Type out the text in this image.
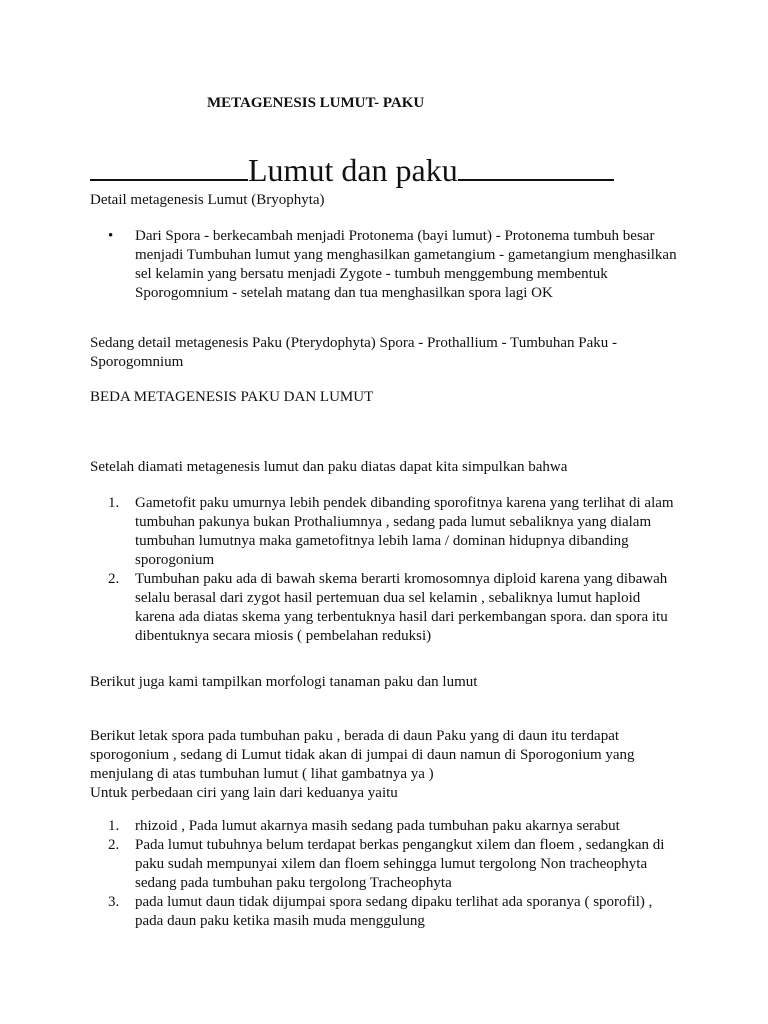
METAGENESIS LUMUT- PAKU

Lumut dan paku

Detail metagenesis Lumut (Bryophyta)

• Dari Spora - berkecambah menjadi Protonema (bayi lumut) - Protonema tumbuh besar menjadi Tumbuhan lumut yang menghasilkan gametangium - gametangium menghasilkan sel kelamin yang bersatu menjadi Zygote - tumbuh menggembung membentuk Sporogomnium - setelah matang dan tua menghasilkan spora lagi OK

Sedang detail metagenesis Paku (Pterydophyta) Spora - Prothallium - Tumbuhan Paku - Sporogomnium

BEDA METAGENESIS PAKU DAN LUMUT

Setelah diamati metagenesis lumut dan paku diatas dapat kita simpulkan bahwa

1. Gametofit paku umurnya lebih pendek dibanding sporofitnya karena yang terlihat di alam tumbuhan pakunya bukan Prothaliumnya , sedang pada lumut sebaliknya yang dialam tumbuhan lumutnya maka gametofitnya lebih lama / dominan hidupnya dibanding sporogonium
2. Tumbuhan paku ada di bawah skema berarti kromosomnya diploid karena yang dibawah selalu berasal dari zygot hasil pertemuan dua sel kelamin , sebaliknya lumut haploid karena ada diatas skema yang terbentuknya hasil dari perkembangan spora. dan spora itu dibentuknya secara miosis ( pembelahan reduksi)

Berikut juga kami tampilkan morfologi tanaman paku dan lumut

Berikut letak spora pada tumbuhan paku , berada di daun Paku yang di daun itu terdapat sporogonium , sedang di Lumut tidak akan di jumpai di daun namun di Sporogonium yang menjulang di atas tumbuhan lumut ( lihat gambatnya ya )

Untuk perbedaan ciri yang lain dari keduanya yaitu

1. rhizoid , Pada lumut akarnya masih sedang pada tumbuhan paku akarnya serabut
2. Pada lumut tubuhnya belum terdapat berkas pengangkut xilem dan floem , sedangkan di paku sudah mempunyai xilem dan floem sehingga lumut tergolong Non tracheophyta sedang pada tumbuhan paku tergolong Tracheophyta
3. pada lumut daun tidak dijumpai spora sedang dipaku terlihat ada sporanya ( sporofil) , pada daun paku ketika masih muda menggulung
